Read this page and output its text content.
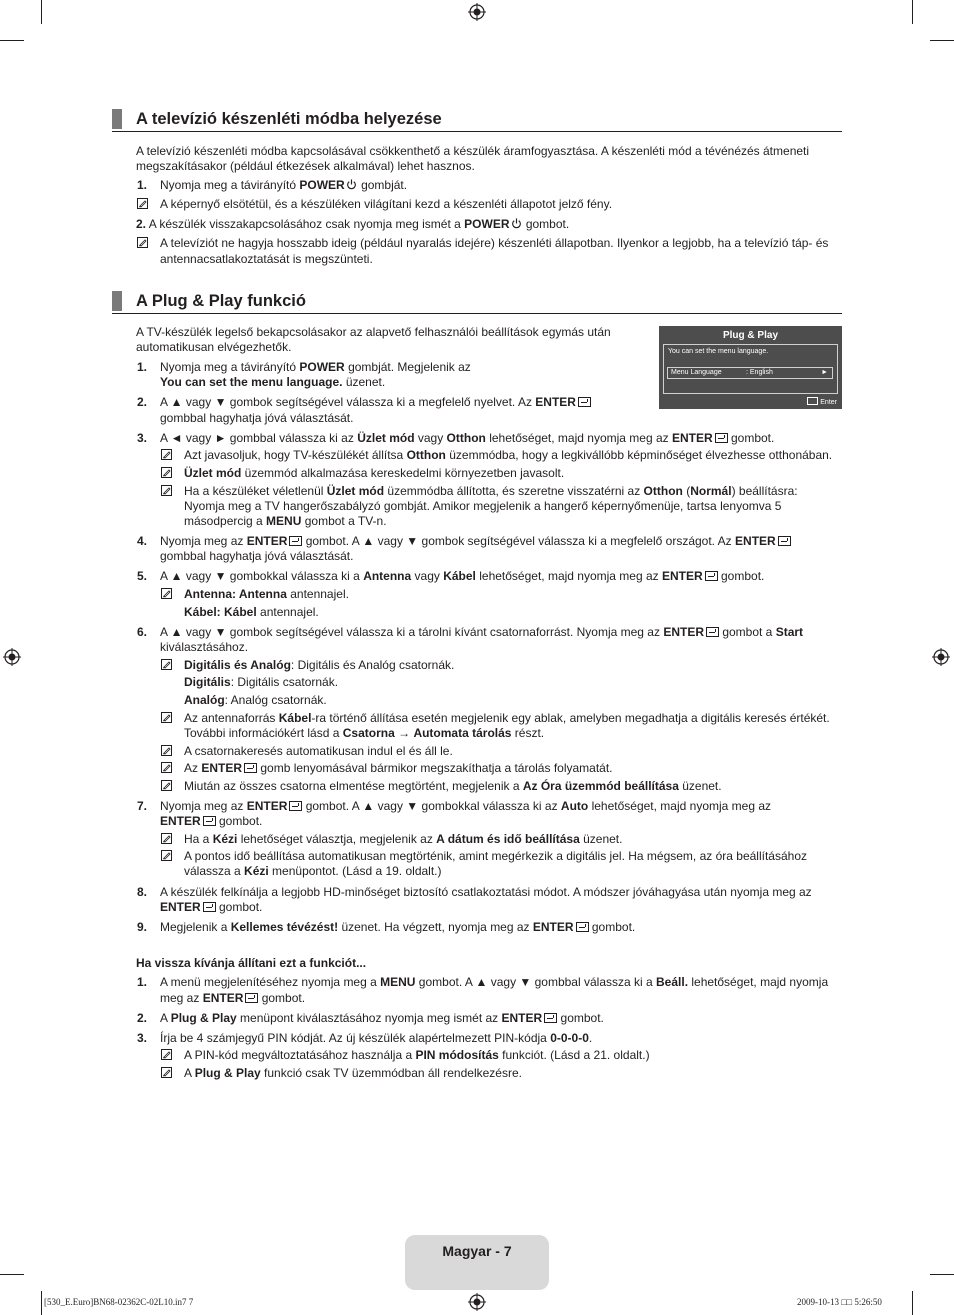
A televízió készenléti módba helyezése
A televízió készenléti módba kapcsolásával csökkenthető a készülék áramfogyasztása. A készenléti mód a tévénézés átmeneti
megszakításakor (például étkezések alkalmával) lehet hasznos.
1. Nyomja meg a távirányító POWER gombját.
A képernyő elsötétül, és a készüléken világítani kezd a készenléti állapotot jelző fény.
2. A készülék visszakapcsolásához csak nyomja meg ismét a POWER gombot.
A televíziót ne hagyja hosszabb ideig (például nyaralás idejére) készenléti állapotban. Ilyenkor a legjobb, ha a televízió táp- és
antennacsatlakoztatását is megszünteti.
A Plug & Play funkció
A TV-készülék legelső bekapcsolásakor az alapvető felhasználói beállítások egymás után
automatikusan elvégezhetők.
Plug & Play
You can set the menu language.
Menu Language	: English	►
Enter
1. Nyomja meg a távirányító POWER gombját. Megjelenik az
You can set the menu language. üzenet.
2. A ▲ vagy ▼ gombok segítségével válassza ki a megfelelő nyelvet. Az ENTER
gombbal hagyhatja jóvá választását.
3. A ◄ vagy ► gombbal válassza ki az Üzlet mód vagy Otthon lehetőséget, majd nyomja meg az ENTER gombot.
Azt javasoljuk, hogy TV-készülékét állítsa Otthon üzemmódba, hogy a legkivállóbb képminőséget élvezhesse otthonában.
Üzlet mód üzemmód alkalmazása kereskedelmi környezetben javasolt.
Ha a készüléket véletlenül Üzlet mód üzemmódba állította, és szeretne visszatérni az Otthon (Normál) beállításra:
Nyomja meg a TV hangerőszabályzó gombját. Amikor megjelenik a hangerő képernyőmenüje, tartsa lenyomva 5
másodpercig a MENU gombot a TV-n.
4. Nyomja meg az ENTER gombot. A ▲ vagy ▼ gombok segítségével válassza ki a megfelelő országot. Az ENTER
gombbal hagyhatja jóvá választását.
5. A ▲ vagy ▼ gombokkal válassza ki a Antenna vagy Kábel lehetőséget, majd nyomja meg az ENTER gombot.
Antenna: Antenna antennajel.
Kábel: Kábel antennajel.
6. A ▲ vagy ▼ gombok segítségével válassza ki a tárolni kívánt csatornaforrást. Nyomja meg az ENTER gombot a Start
kiválasztásához.
Digitális és Analóg: Digitális és Analóg csatornák.
Digitális: Digitális csatornák.
Analóg: Analóg csatornák.
Az antennaforrás Kábel-ra történő állítása esetén megjelenik egy ablak, amelyben megadhatja a digitális keresés értékét.
További információkért lásd a Csatorna → Automata tárolás részt.
A csatornakeresés automatikusan indul el és áll le.
Az ENTER gomb lenyomásával bármikor megszakíthatja a tárolás folyamatát.
Miután az összes csatorna elmentése megtörtént, megjelenik a Az Óra üzemmód beállítása üzenet.
7. Nyomja meg az ENTER gombot. A ▲ vagy ▼ gombokkal válassza ki az Auto lehetőséget, majd nyomja meg az
ENTER gombot.
Ha a Kézi lehetőséget választja, megjelenik az A dátum és idő beállítása üzenet.
A pontos idő beállítása automatikusan megtörténik, amint megérkezik a digitális jel. Ha mégsem, az óra beállításához
válassza a Kézi menüpontot. (Lásd a 19. oldalt.)
8. A készülék felkínálja a legjobb HD-minőséget biztosító csatlakoztatási módot. A módszer jóváhagyása után nyomja meg az
ENTER gombot.
9. Megjelenik a Kellemes tévézést! üzenet. Ha végzett, nyomja meg az ENTER gombot.
Ha vissza kívánja állítani ezt a funkciót...
1. A menü megjelenítéséhez nyomja meg a MENU gombot. A ▲ vagy ▼ gombbal válassza ki a Beáll. lehetőséget, majd nyomja
meg az ENTER gombot.
2. A Plug & Play menüpont kiválasztásához nyomja meg ismét az ENTER gombot.
3. Írja be 4 számjegyű PIN kódját. Az új készülék alapértelmezett PIN-kódja 0-0-0-0.
A PIN-kód megváltoztatásához használja a PIN módosítás funkciót. (Lásd a 21. oldalt.)
A Plug & Play funkció csak TV üzemmódban áll rendelkezésre.
Magyar - 7
[530_E.Euro]BN68-02362C-02L10.in7 7	2009-10-13 □□ 5:26:50
